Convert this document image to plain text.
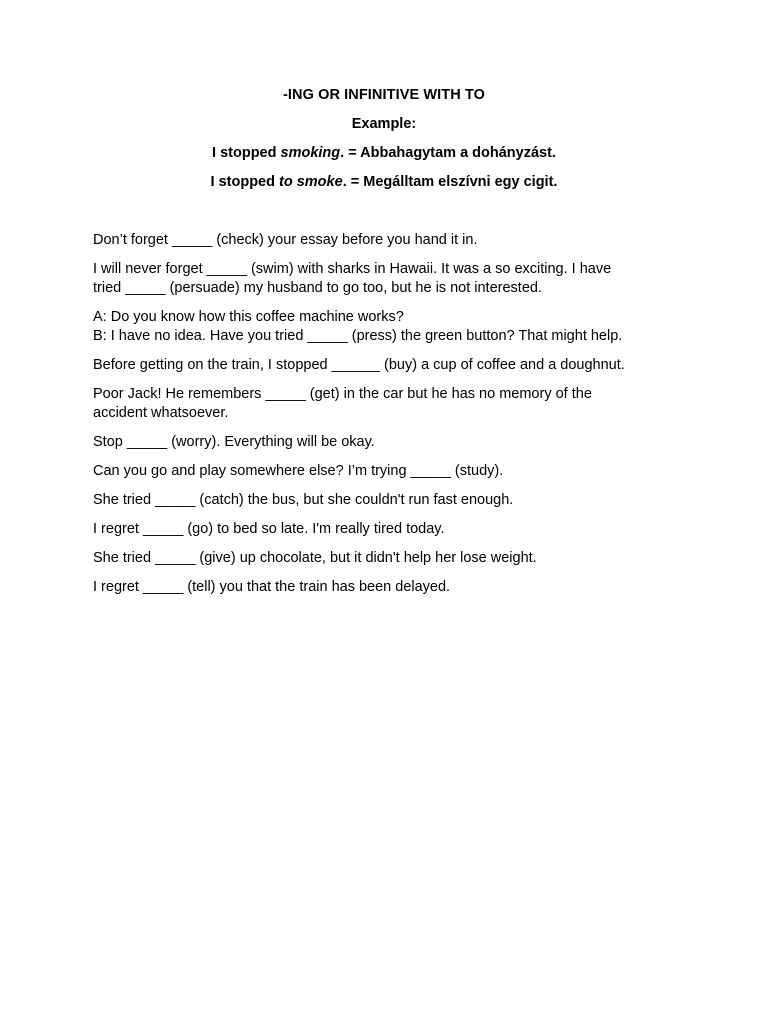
-ING OR INFINITIVE WITH TO
Example:
I stopped smoking. = Abbahagytam a dohányzást.
I stopped to smoke. = Megálltam elszívni egy cigit.

Don’t forget _____ (check) your essay before you hand it in.

I will never forget _____ (swim) with sharks in Hawaii. It was a so exciting. I have
tried _____ (persuade) my husband to go too, but he is not interested.

A: Do you know how this coffee machine works?
B: I have no idea. Have you tried _____ (press) the green button? That might help.

Before getting on the train, I stopped ______ (buy) a cup of coffee and a doughnut.

Poor Jack! He remembers _____ (get) in the car but he has no memory of the
accident whatsoever.

Stop _____ (worry). Everything will be okay.

Can you go and play somewhere else? I’m trying _____ (study).

She tried _____ (catch) the bus, but she couldn't run fast enough.

I regret _____ (go) to bed so late. I'm really tired today.

She tried _____ (give) up chocolate, but it didn't help her lose weight.

I regret _____ (tell) you that the train has been delayed.
